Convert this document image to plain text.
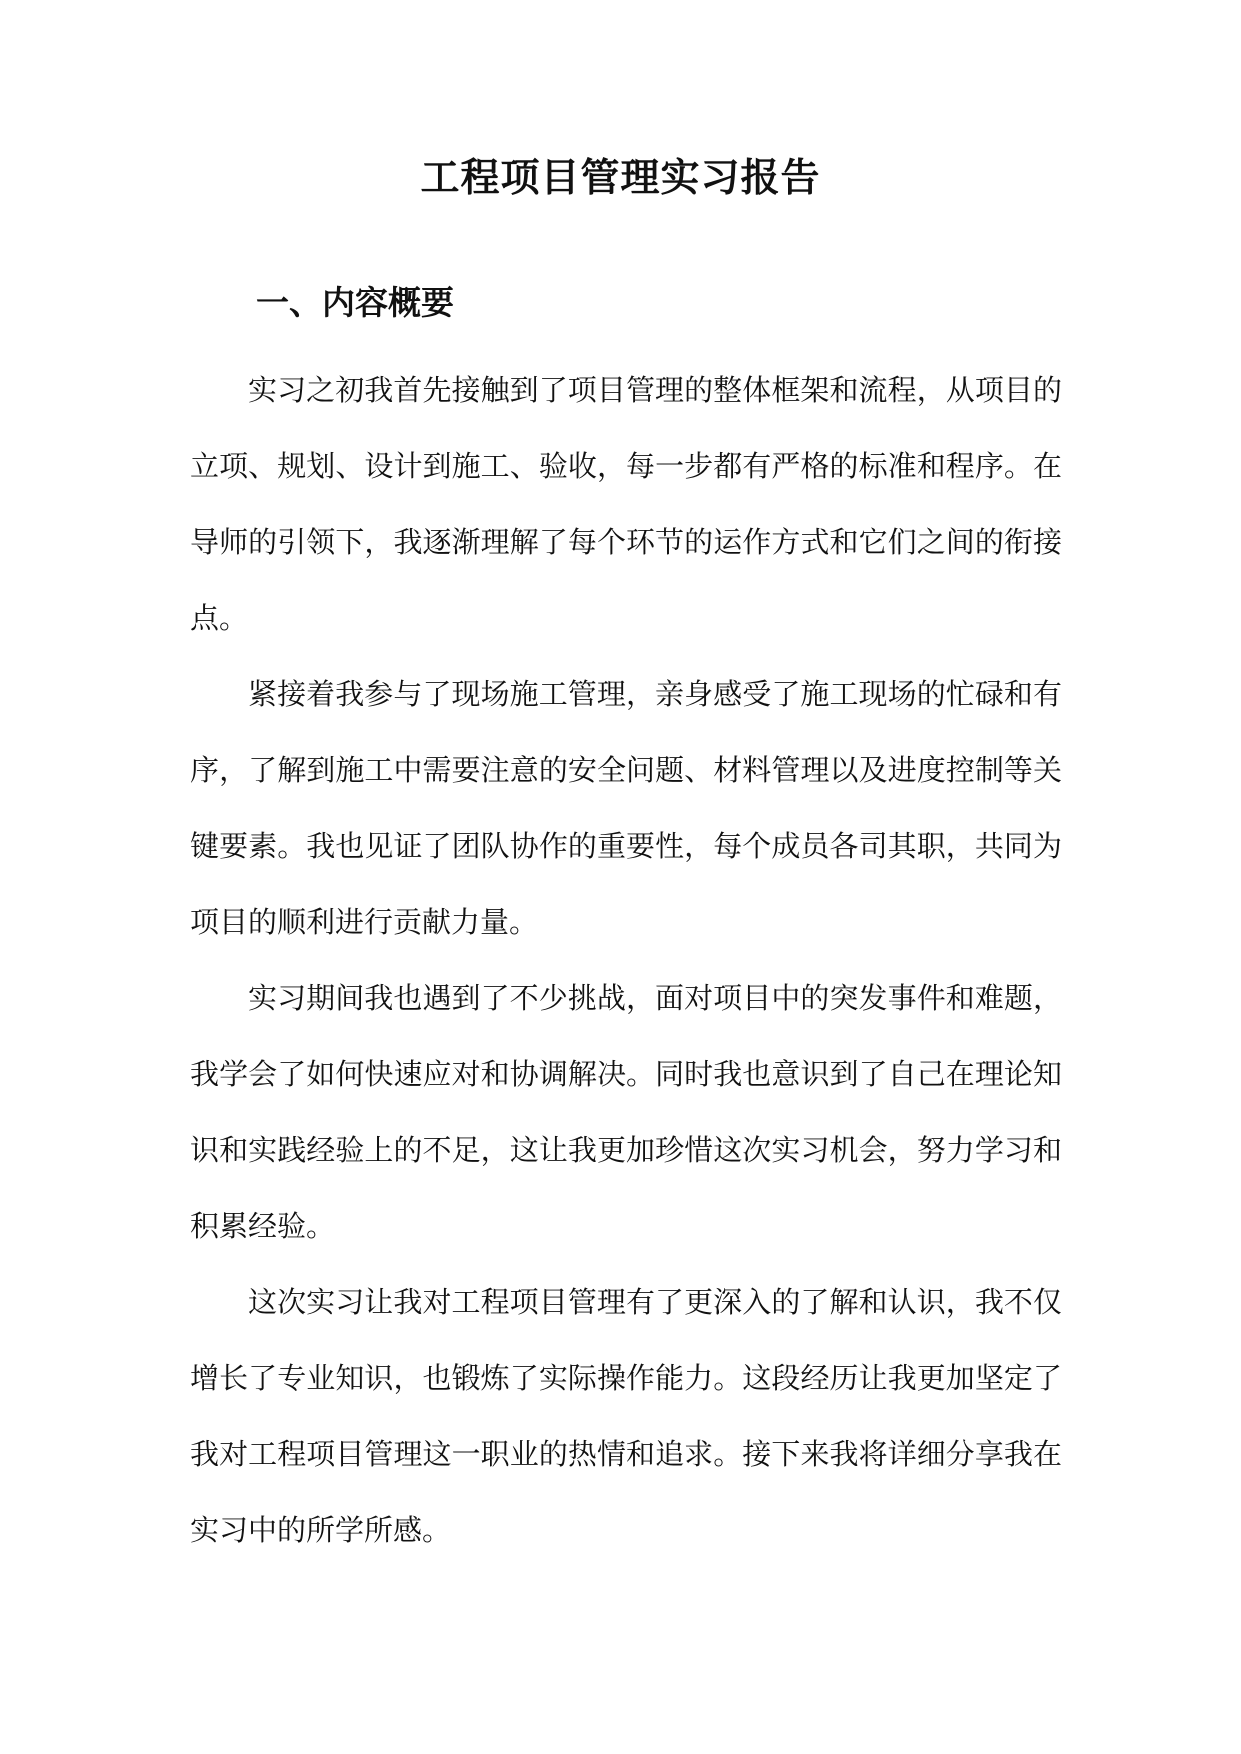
工程项目管理实习报告
一、内容概要

实习之初我首先接触到了项目管理的整体框架和流程，从项目的立项、规划、设计到施工、验收，每一步都有严格的标准和程序。在导师的引领下，我逐渐理解了每个环节的运作方式和它们之间的衔接点。

紧接着我参与了现场施工管理，亲身感受了施工现场的忙碌和有序，了解到施工中需要注意的安全问题、材料管理以及进度控制等关键要素。我也见证了团队协作的重要性，每个成员各司其职，共同为项目的顺利进行贡献力量。

实习期间我也遇到了不少挑战，面对项目中的突发事件和难题，我学会了如何快速应对和协调解决。同时我也意识到了自己在理论知识和实践经验上的不足，这让我更加珍惜这次实习机会，努力学习和积累经验。

这次实习让我对工程项目管理有了更深入的了解和认识，我不仅增长了专业知识，也锻炼了实际操作能力。这段经历让我更加坚定了我对工程项目管理这一职业的热情和追求。接下来我将详细分享我在实习中的所学所感。
